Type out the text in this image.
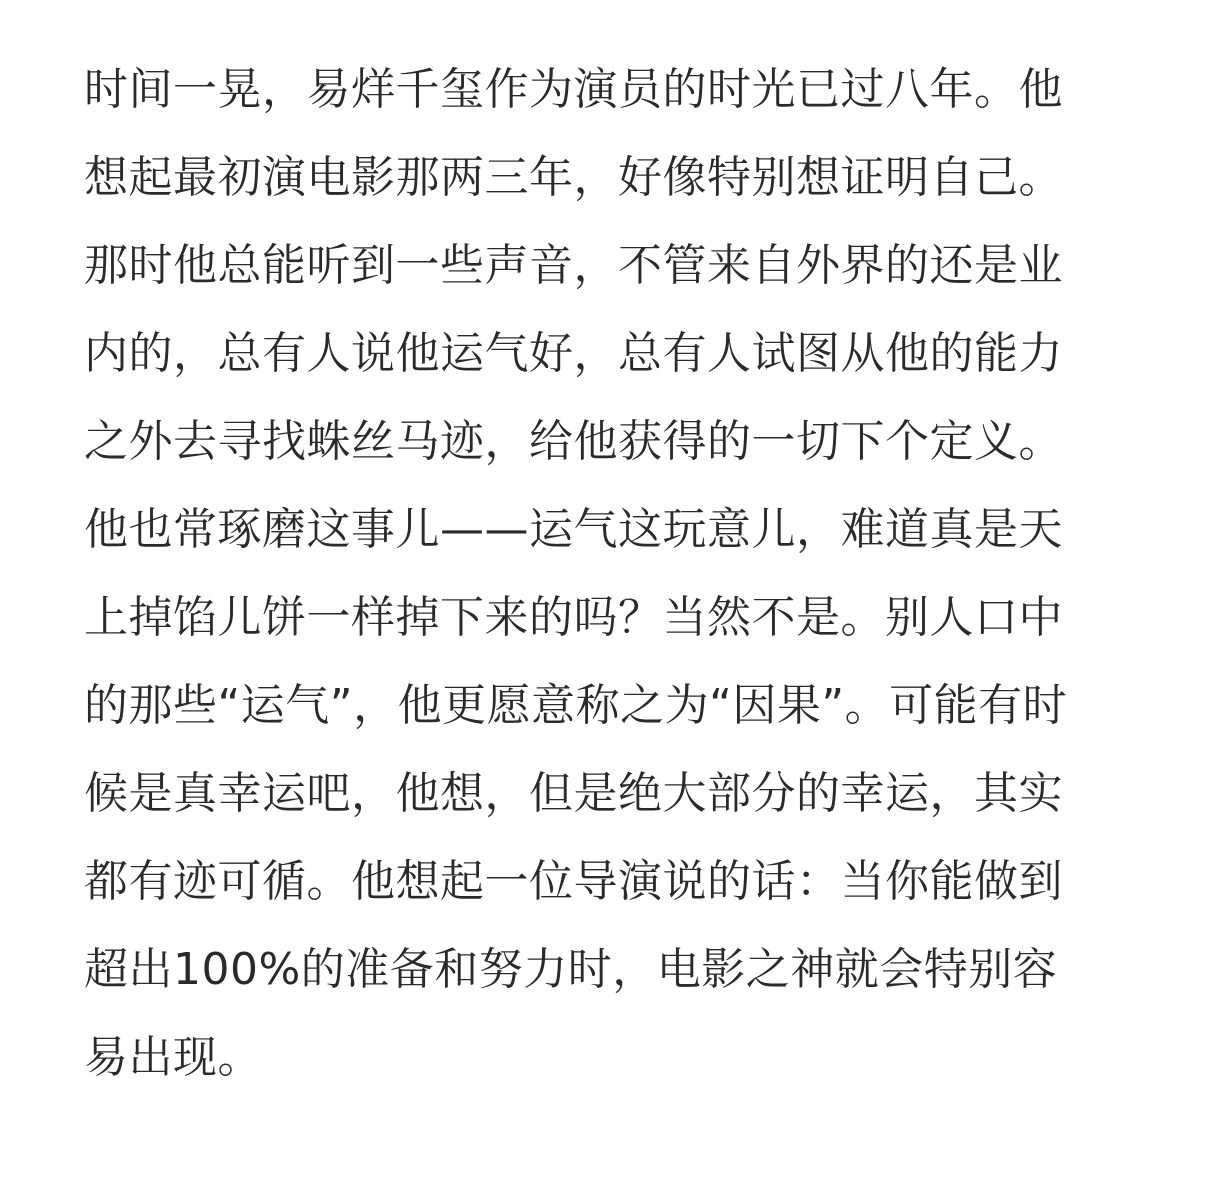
时间一晃，易烊千玺作为演员的时光已过八年。他
想起最初演电影那两三年，好像特别想证明自己。
那时他总能听到一些声音，不管来自外界的还是业
内的，总有人说他运气好，总有人试图从他的能力
之外去寻找蛛丝马迹，给他获得的一切下个定义。
他也常琢磨这事儿——运气这玩意儿，难道真是天
上掉馅儿饼一样掉下来的吗？当然不是。别人口中
的那些“运气”，他更愿意称之为“因果”。可能有时
候是真幸运吧，他想，但是绝大部分的幸运，其实
都有迹可循。他想起一位导演说的话：当你能做到
超出100%的准备和努力时，电影之神就会特别容
易出现。
